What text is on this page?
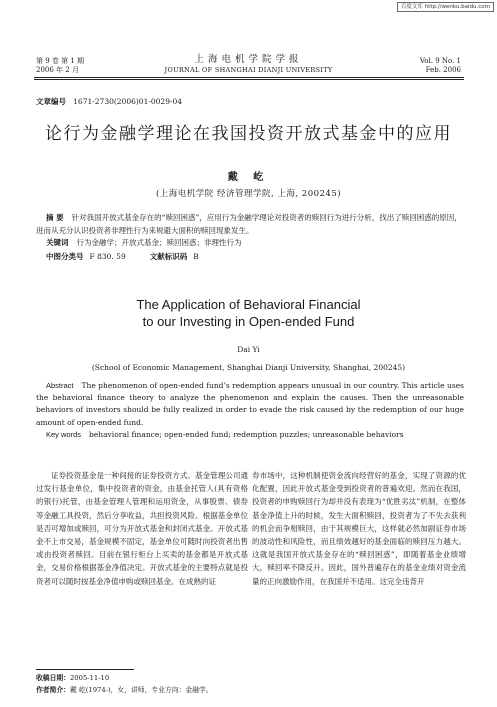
百度文库 http://wenku.baidu.com
第 9 卷 第 1 期
2006 年 2 月
上海电机学院学报
JOURNAL OF SHANGHAI DIANJI UNIVERSITY
Vol. 9 No. 1
Feb. 2006
文章编号 1671-2730(2006)01-0029-04
论行为金融学理论在我国投资开放式基金中的应用
戴 屹
(上海电机学院 经济管理学院, 上海, 200245)
摘 要 针对我国开放式基金存在的“赎回困惑”，应用行为金融学理论对投资者的赎回行为进行分析，找出了赎回困惑的原因，进而从充分认识投资者非理性行为来规避大面积的赎回现象发生。
关键词 行为金融学；开放式基金；赎回困惑；非理性行为
中图分类号 F 830. 59	文献标识码 B
The Application of Behavioral Financial
to our Investing in Open-ended Fund
Dai Yi
(School of Economic Management, Shanghai Dianji University, Shanghai, 200245)
Abstract The phenomenon of open-ended fund’s redemption appears unusual in our country. This article uses the behavioral finance theory to analyze the phenomenon and explain the causes. Then the unreasonable behaviors of investors should be fully realized in order to evade the risk caused by the redemption of our huge amount of open-ended fund.
Key words behavioral finance; open-ended fund; redemption puzzles; unreasonable behaviors
证券投资基金是一种间接的证券投资方式。基金管理公司通过发行基金单位，集中投资者的资金，由基金托管人(具有资格的银行)托管，由基金管理人管理和运用资金，从事股票、债券等金融工具投资，然后分享收益，共担投资风险。根据基金单位是否可增加或赎回，可分为开放式基金和封闭式基金。开放式基金不上市交易，基金规模不固定，基金单位可随时向投资者出售或由投资者赎回。目前在银行柜台上买卖的基金都是开放式基金，交易价格根据基金净值决定。开放式基金的主要特点就是投资者可以随时按基金净值申购或赎回基金。在成熟的证
券市场中，这种机制使资金流向经营好的基金，实现了资源的优化配置，因此开放式基金受到投资者的普遍欢迎。然而在我国，投资者的申购赎回行为却并没有表现为“优胜劣汰”机制，在整体基金净值上升的时候，发生大面积赎回，投资者为了不失去获利的机会而争相赎回，由于其规模巨大，这样就必然加剧证券市场的波动性和风险性，而且绩效越好的基金面临的赎回压力越大。这就是我国开放式基金存在的“赎回困惑”，即随着基金业绩增大，赎回率不降反升。因此，国外普遍存在的基金业绩对资金流量的正向激励作用，在我国并不适用。这完全违背开
收稿日期：2005-11-10
作者简介：戴 屹(1974-)，女，讲师，专业方向：金融学。
